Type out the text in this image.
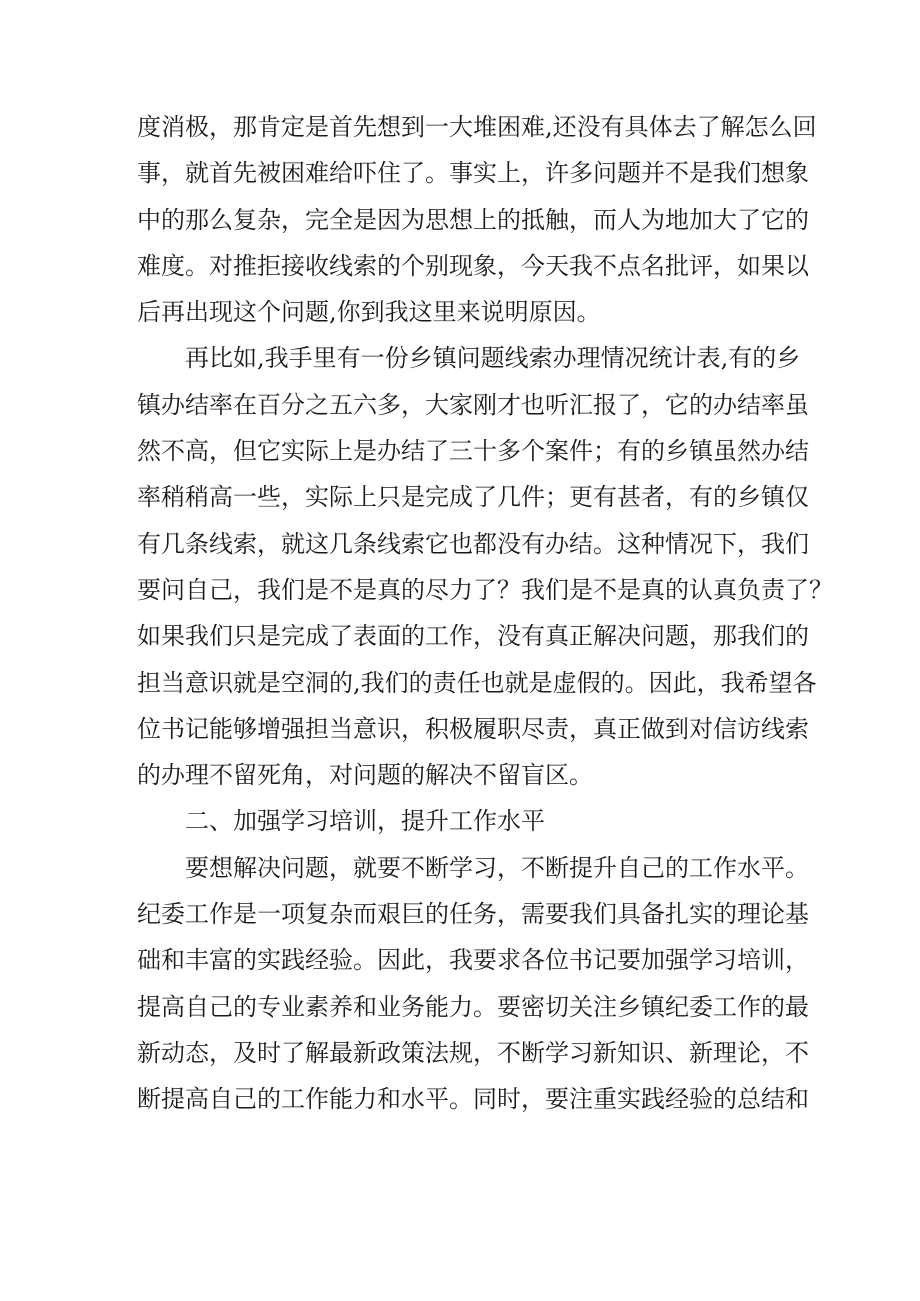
度消极，那肯定是首先想到一大堆困难,还没有具体去了解怎么回
事，就首先被困难给吓住了。事实上，许多问题并不是我们想象
中的那么复杂，完全是因为思想上的抵触，而人为地加大了它的
难度。对推拒接收线索的个别现象，今天我不点名批评，如果以
后再出现这个问题,你到我这里来说明原因。
再比如,我手里有一份乡镇问题线索办理情况统计表,有的乡
镇办结率在百分之五六多，大家刚才也听汇报了，它的办结率虽
然不高，但它实际上是办结了三十多个案件；有的乡镇虽然办结
率稍稍高一些，实际上只是完成了几件；更有甚者，有的乡镇仅
有几条线索，就这几条线索它也都没有办结。这种情况下，我们
要问自己，我们是不是真的尽力了？我们是不是真的认真负责了？
如果我们只是完成了表面的工作，没有真正解决问题，那我们的
担当意识就是空洞的,我们的责任也就是虚假的。因此，我希望各
位书记能够增强担当意识，积极履职尽责，真正做到对信访线索
的办理不留死角，对问题的解决不留盲区。
二、加强学习培训，提升工作水平
要想解决问题，就要不断学习，不断提升自己的工作水平。
纪委工作是一项复杂而艰巨的任务，需要我们具备扎实的理论基
础和丰富的实践经验。因此，我要求各位书记要加强学习培训，
提高自己的专业素养和业务能力。要密切关注乡镇纪委工作的最
新动态，及时了解最新政策法规，不断学习新知识、新理论，不
断提高自己的工作能力和水平。同时，要注重实践经验的总结和
